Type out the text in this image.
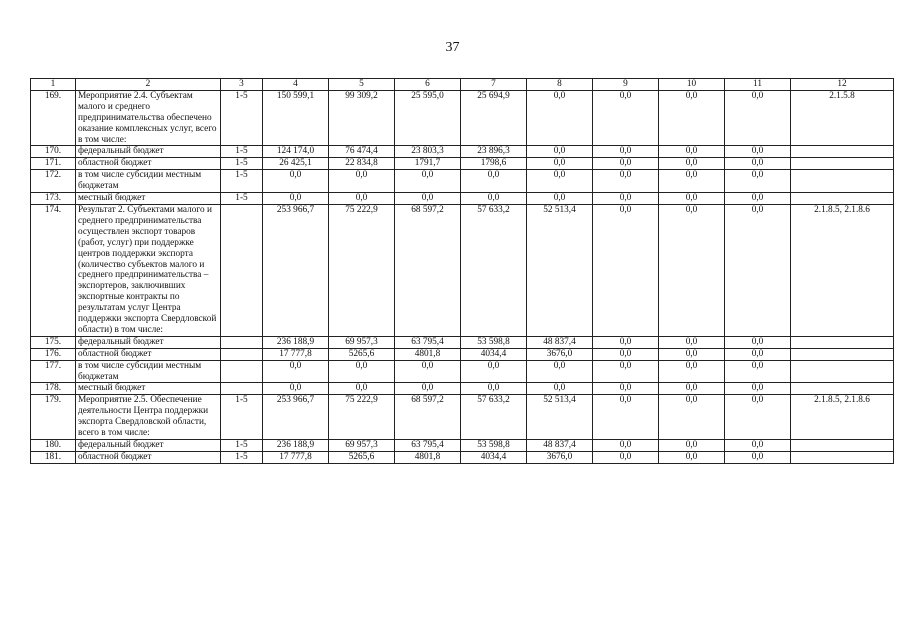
37
1	2	3	4	5	6	7	8	9	10	11	12
169.	Мероприятие 2.4. Субъектам малого и среднего предпринимательства обеспечено оказание комплексных услуг, всего в том числе:	1-5	150 599,1	99 309,2	25 595,0	25 694,9	0,0	0,0	0,0	0,0	2.1.5.8
170.	федеральный бюджет	1-5	124 174,0	76 474,4	23 803,3	23 896,3	0,0	0,0	0,0	0,0	
171.	областной бюджет	1-5	26 425,1	22 834,8	1791,7	1798,6	0,0	0,0	0,0	0,0	
172.	в том числе субсидии местным бюджетам	1-5	0,0	0,0	0,0	0,0	0,0	0,0	0,0	0,0	
173.	местный бюджет	1-5	0,0	0,0	0,0	0,0	0,0	0,0	0,0	0,0	
174.	Результат 2. Субъектами малого и среднего предпринимательства осуществлен экспорт товаров (работ, услуг) при поддержке центров поддержки экспорта (количество субъектов малого и среднего предпринимательства – экспортеров, заключивших экспортные контракты по результатам услуг Центра поддержки экспорта Свердловской области) в том числе:		253 966,7	75 222,9	68 597,2	57 633,2	52 513,4	0,0	0,0	0,0	2.1.8.5, 2.1.8.6
175.	федеральный бюджет		236 188,9	69 957,3	63 795,4	53 598,8	48 837,4	0,0	0,0	0,0	
176.	областной бюджет		17 777,8	5265,6	4801,8	4034,4	3676,0	0,0	0,0	0,0	
177.	в том числе субсидии местным бюджетам		0,0	0,0	0,0	0,0	0,0	0,0	0,0	0,0	
178.	местный бюджет		0,0	0,0	0,0	0,0	0,0	0,0	0,0	0,0	
179.	Мероприятие 2.5. Обеспечение деятельности Центра поддержки экспорта Свердловской области, всего в том числе:	1-5	253 966,7	75 222,9	68 597,2	57 633,2	52 513,4	0,0	0,0	0,0	2.1.8.5, 2.1.8.6
180.	федеральный бюджет	1-5	236 188,9	69 957,3	63 795,4	53 598,8	48 837,4	0,0	0,0	0,0	
181.	областной бюджет	1-5	17 777,8	5265,6	4801,8	4034,4	3676,0	0,0	0,0	0,0	
